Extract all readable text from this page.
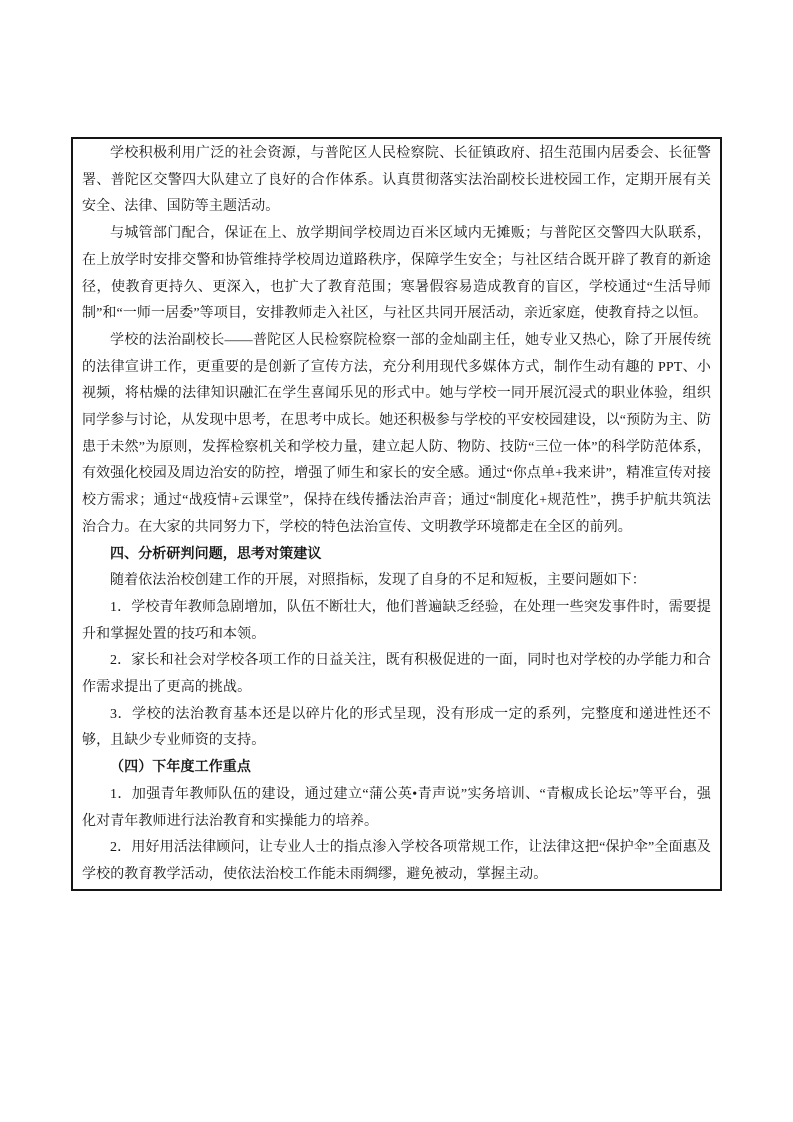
学校积极利用广泛的社会资源，与普陀区人民检察院、长征镇政府、招生范围内居委会、长征警署、普陀区交警四大队建立了良好的合作体系。认真贯彻落实法治副校长进校园工作，定期开展有关安全、法律、国防等主题活动。

与城管部门配合，保证在上、放学期间学校周边百米区域内无摊贩；与普陀区交警四大队联系，在上放学时安排交警和协管维持学校周边道路秩序，保障学生安全；与社区结合既开辟了教育的新途径，使教育更持久、更深入，也扩大了教育范围；寒暑假容易造成教育的盲区，学校通过“生活导师制”和“一师一居委”等项目，安排教师走入社区，与社区共同开展活动，亲近家庭，使教育持之以恒。

学校的法治副校长——普陀区人民检察院检察一部的金灿副主任，她专业又热心，除了开展传统的法律宣讲工作，更重要的是创新了宣传方法，充分利用现代多媒体方式，制作生动有趣的 PPT、小视频，将枯燥的法律知识融汇在学生喜闻乐见的形式中。她与学校一同开展沉浸式的职业体验，组织同学参与讨论，从发现中思考，在思考中成长。她还积极参与学校的平安校园建设，以“预防为主、防患于未然”为原则，发挥检察机关和学校力量，建立起人防、物防、技防“三位一体”的科学防范体系，有效强化校园及周边治安的防控，增强了师生和家长的安全感。通过“你点单+我来讲”，精准宣传对接校方需求；通过“战疫情+云课堂”，保持在线传播法治声音；通过“制度化+规范性”，携手护航共筑法治合力。在大家的共同努力下，学校的特色法治宣传、文明教学环境都走在全区的前列。

四、分析研判问题，思考对策建议

随着依法治校创建工作的开展，对照指标，发现了自身的不足和短板，主要问题如下：

1．学校青年教师急剧增加，队伍不断壮大，他们普遍缺乏经验，在处理一些突发事件时，需要提升和掌握处置的技巧和本领。

2．家长和社会对学校各项工作的日益关注，既有积极促进的一面，同时也对学校的办学能力和合作需求提出了更高的挑战。

3．学校的法治教育基本还是以碎片化的形式呈现，没有形成一定的系列，完整度和递进性还不够，且缺少专业师资的支持。

（四）下年度工作重点

1．加强青年教师队伍的建设，通过建立“蒲公英•青声说”实务培训、“青椒成长论坛”等平台，强化对青年教师进行法治教育和实操能力的培养。

2．用好用活法律顾问，让专业人士的指点渗入学校各项常规工作，让法律这把“保护伞”全面惠及学校的教育教学活动，使依法治校工作能未雨绸缪，避免被动，掌握主动。
